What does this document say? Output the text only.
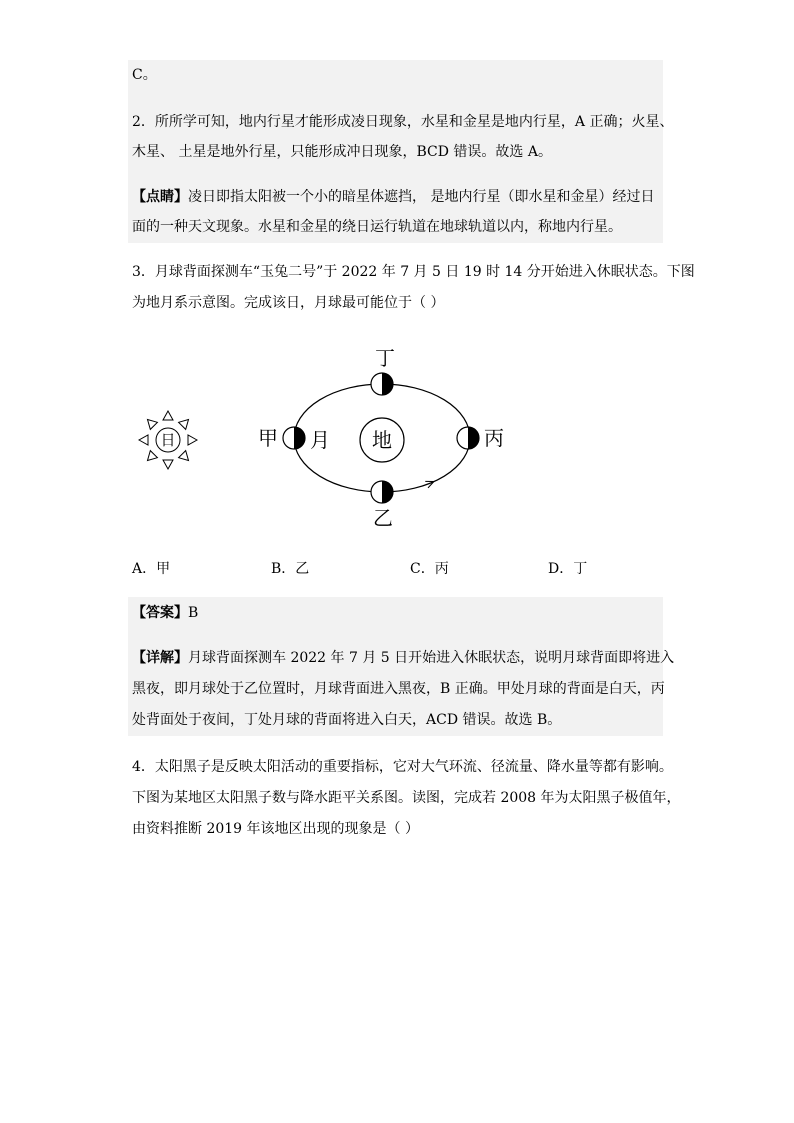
C。
2．所所学可知，地内行星才能形成凌日现象，水星和金星是地内行星，A 正确；火星、
木星、 土星是地外行星，只能形成冲日现象，BCD 错误。故选 A。
【点睛】凌日即指太阳被一个小的暗星体遮挡， 是地内行星（即水星和金星）经过日
面的一种天文现象。水星和金星的绕日运行轨道在地球轨道以内，称地内行星。
3．月球背面探测车“玉兔二号”于 2022 年 7 月 5 日 19 时 14 分开始进入休眠状态。下图
为地月系示意图。完成该日，月球最可能位于（ ）
日	地
丁
乙
甲 月	丙
A．甲	B．乙	C．丙	D．丁
【答案】B
【详解】月球背面探测车 2022 年 7 月 5 日开始进入休眠状态，说明月球背面即将进入
黑夜，即月球处于乙位置时，月球背面进入黑夜，B 正确。甲处月球的背面是白天，丙
处背面处于夜间，丁处月球的背面将进入白天，ACD 错误。故选 B。
4．太阳黑子是反映太阳活动的重要指标，它对大气环流、径流量、降水量等都有影响。
下图为某地区太阳黑子数与降水距平关系图。读图，完成若 2008 年为太阳黑子极值年，
由资料推断 2019 年该地区出现的现象是（ ）
